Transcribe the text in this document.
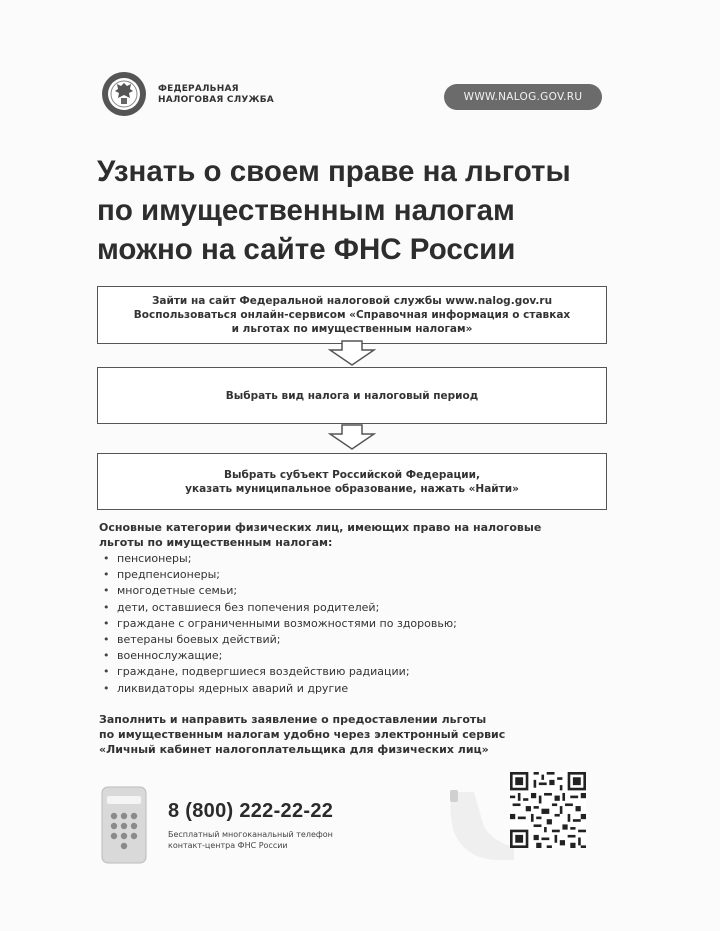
ФЕДЕРАЛЬНАЯ
НАЛОГОВАЯ СЛУЖБА	WWW.NALOG.GOV.RU
Узнать о своем праве на льготы
по имущественным налогам
можно на сайте ФНС России
Зайти на сайт Федеральной налоговой службы www.nalog.gov.ru
Воспользоваться онлайн-сервисом «Справочная информация о ставках
и льготах по имущественным налогам»
Выбрать вид налога и налоговый период
Выбрать субъект Российской Федерации,
указать муниципальное образование, нажать «Найти»
Основные категории физических лиц, имеющих право на налоговые
льготы по имущественным налогам:
• пенсионеры;
• предпенсионеры;
• многодетные семьи;
• дети, оставшиеся без попечения родителей;
• граждане с ограниченными возможностями по здоровью;
• ветераны боевых действий;
• военнослужащие;
• граждане, подвергшиеся воздействию радиации;
• ликвидаторы ядерных аварий и другие
Заполнить и направить заявление о предоставлении льготы
по имущественным налогам удобно через электронный сервис
«Личный кабинет налогоплательщика для физических лиц»
8 (800) 222-22-22
Бесплатный многоканальный телефон
контакт-центра ФНС России
